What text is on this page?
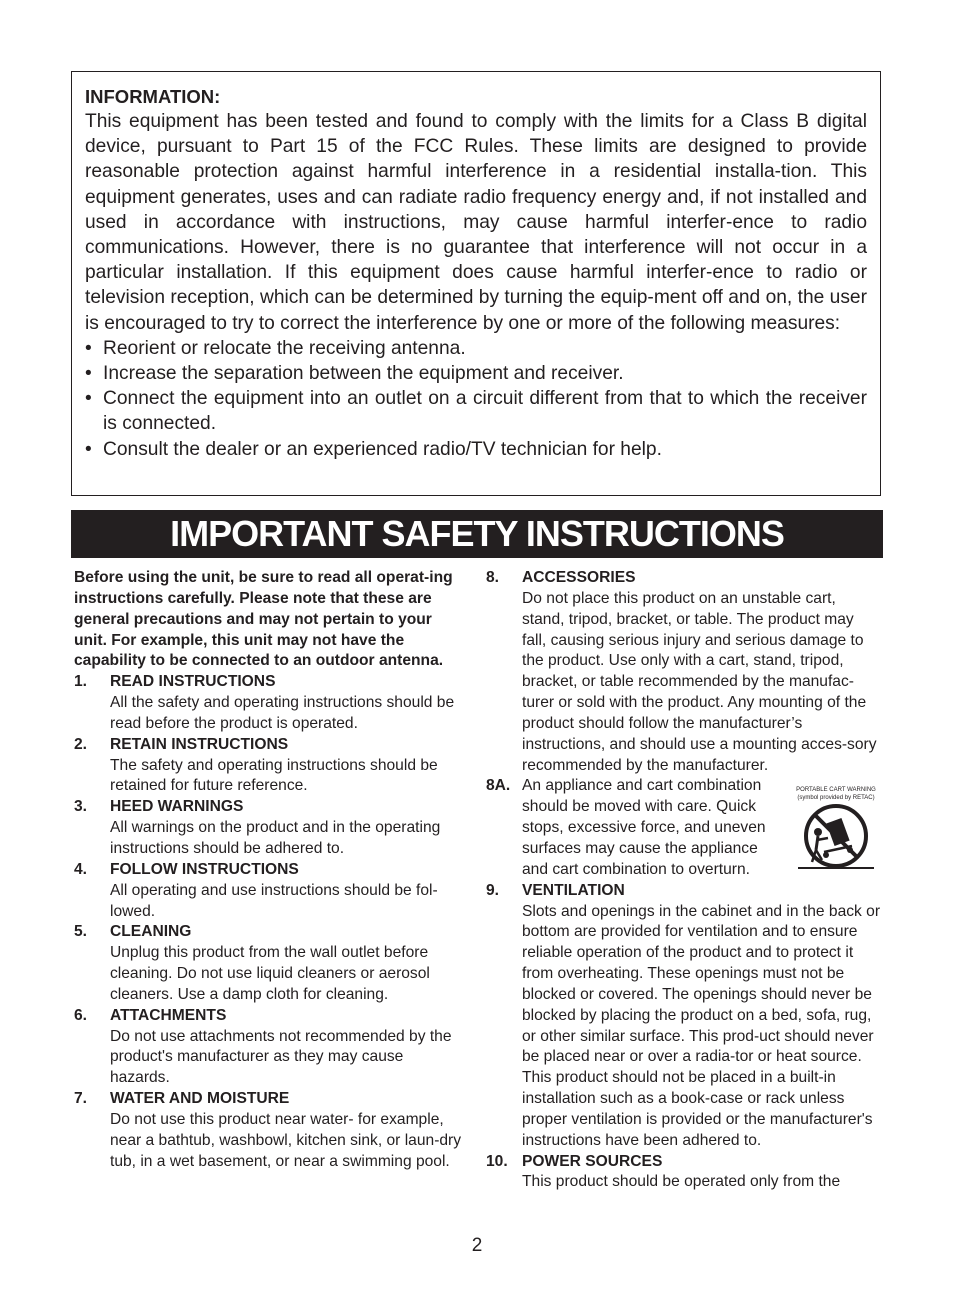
INFORMATION:

This equipment has been tested and found to comply with the limits for a Class B digital device, pursuant to Part 15 of the FCC Rules. These limits are designed to provide reasonable protection against harmful interference in a residential installa-tion. This equipment generates, uses and can radiate radio frequency energy and, if not installed and used in accordance with instructions, may cause harmful interfer-ence to radio communications. However, there is no guarantee that interference will not occur in a particular installation. If this equipment does cause harmful interfer-ence to radio or television reception, which can be determined by turning the equip-ment off and on, the user is encouraged to try to correct the interference by one or more of the following measures:

• Reorient or relocate the receiving antenna.
• Increase the separation between the equipment and receiver.
• Connect the equipment into an outlet on a circuit different from that to which the receiver is connected.
• Consult the dealer or an experienced radio/TV technician for help.
IMPORTANT SAFETY INSTRUCTIONS

Before using the unit, be sure to read all operat-ing instructions carefully. Please note that these are general precautions and may not pertain to your unit. For example, this unit may not have the capability to be connected to an outdoor antenna.

1.	READ INSTRUCTIONS

All the safety and operating instructions should be read before the product is operated.

2.	RETAIN INSTRUCTIONS

The safety and operating instructions should be retained for future reference.

3.	HEED WARNINGS

All warnings on the product and in the operating instructions should be adhered to.

4.	FOLLOW INSTRUCTIONS

All operating and use instructions should be fol-lowed.

5.	CLEANING

Unplug this product from the wall outlet before cleaning. Do not use liquid cleaners or aerosol cleaners. Use a damp cloth for cleaning.

6.	ATTACHMENTS

Do not use attachments not recommended by the product's manufacturer as they may cause hazards.

7.	WATER AND MOISTURE

Do not use this product near water- for example, near a bathtub, washbowl, kitchen sink, or laun-dry tub, in a wet basement, or near a swimming pool.

8.	ACCESSORIES

Do not place this product on an unstable cart, stand, tripod, bracket, or table. The product may fall, causing serious injury and serious damage to the product. Use only with a cart, stand, tripod, bracket, or table recommended by the manufac-turer or sold with the product. Any mounting of the product should follow the manufacturer’s instructions, and should use a mounting acces-sory recommended by the manufacturer.

8A. An appliance and cart combination should be moved with care. Quick stops, excessive force, and uneven surfaces may cause the appliance and cart combination to overturn.

PORTABLE CART WARNING
(symbol provided by RETAC)
9.	VENTILATION

Slots and openings in the cabinet and in the back or bottom are provided for ventilation and to ensure reliable operation of the product and to protect it from overheating. These openings must not be blocked or covered. The openings should never be blocked by placing the product on a bed, sofa, rug, or other similar surface. This prod-uct should never be placed near or over a radia-tor or heat source. This product should not be placed in a built-in installation such as a book-case or rack unless proper ventilation is provided or the manufacturer's instructions have been adhered to.

10. POWER SOURCES

This product should be operated only from the

2
